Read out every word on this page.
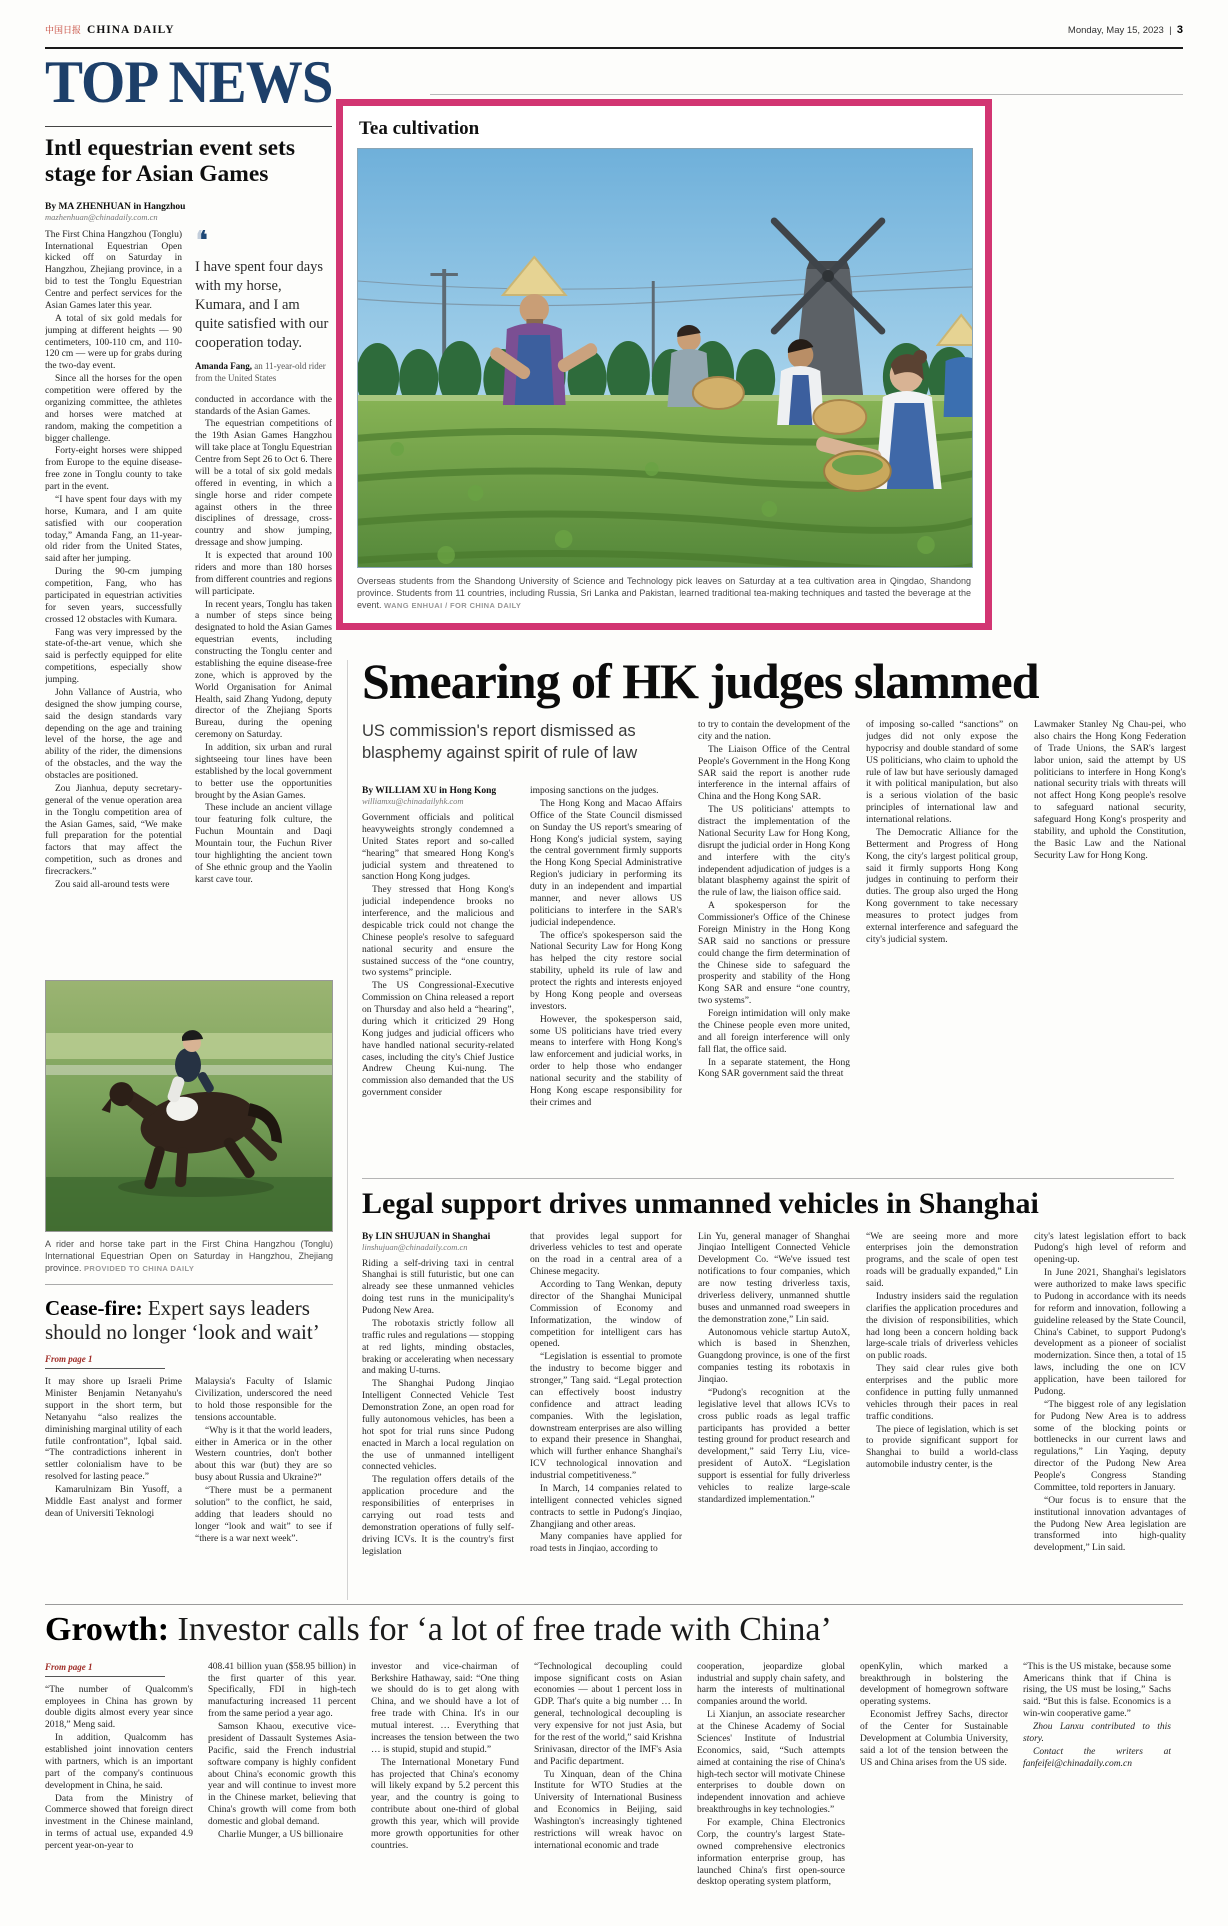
中国日报 CHINA DAILY	Monday, May 15, 2023 | 3
TOP NEWS
Intl equestrian event sets stage for Asian Games
By MA ZHENHUAN in Hangzhou
mazhenhuan@chinadaily.com.cn

The First China Hangzhou (Tonglu) International Equestrian Open kicked off on Saturday in Hangzhou, Zhejiang province, in a bid to test the Tonglu Equestrian Centre and perfect services for the Asian Games later this year.

A total of six gold medals for jumping at different heights — 90 centimeters, 100-110 cm, and 110-120 cm — were up for grabs during the two-day event.

Since all the horses for the open competition were offered by the organizing committee, the athletes and horses were matched at random, making the competition a bigger challenge.

Forty-eight horses were shipped from Europe to the equine disease-free zone in Tonglu county to take part in the event.

“I have spent four days with my horse, Kumara, and I am quite satisfied with our cooperation today,” Amanda Fang, an 11-year-old rider from the United States, said after her jumping.

During the 90-cm jumping competition, Fang, who has participated in equestrian activities for seven years, successfully crossed 12 obstacles with Kumara.

Fang was very impressed by the state-of-the-art venue, which she said is perfectly equipped for elite competitions, especially show jumping.

John Vallance of Austria, who designed the show jumping course, said the design standards vary depending on the age and training level of the horse, the age and ability of the rider, the dimensions of the obstacles, and the way the obstacles are positioned.

Zou Jianhua, deputy secretary-general of the venue operation area in the Tonglu competition area of the Asian Games, said, “We make full preparation for the potential factors that may affect the competition, such as drones and firecrackers.”

Zou said all-around tests were

❛❛
I have spent four days with my horse, Kumara, and I am quite satisfied with our cooperation today.
Amanda Fang, an 11-year-old rider from the United States

conducted in accordance with the standards of the Asian Games.

The equestrian competitions of the 19th Asian Games Hangzhou will take place at Tonglu Equestrian Centre from Sept 26 to Oct 6. There will be a total of six gold medals offered in eventing, in which a single horse and rider compete against others in the three disciplines of dressage, cross-country and show jumping, dressage and show jumping.

It is expected that around 100 riders and more than 180 horses from different countries and regions will participate.

In recent years, Tonglu has taken a number of steps since being designated to hold the Asian Games equestrian events, including constructing the Tonglu center and establishing the equine disease-free zone, which is approved by the World Organisation for Animal Health, said Zhang Yudong, deputy director of the Zhejiang Sports Bureau, during the opening ceremony on Saturday.

In addition, six urban and rural sightseeing tour lines have been established by the local government to better use the opportunities brought by the Asian Games.

These include an ancient village tour featuring folk culture, the Fuchun Mountain and Daqi Mountain tour, the Fuchun River tour highlighting the ancient town of She ethnic group and the Yaolin karst cave tour.

A rider and horse take part in the First China Hangzhou (Tonglu) International Equestrian Open on Saturday in Hangzhou, Zhejiang province. PROVIDED TO CHINA DAILY
Cease-fire: Expert says leaders should no longer ‘look and wait’
From page 1

It may shore up Israeli Prime Minister Benjamin Netanyahu's support in the short term, but Netanyahu “also realizes the diminishing marginal utility of each futile confrontation”, Iqbal said. “The contradictions inherent in settler colonialism have to be resolved for lasting peace.”

Kamarulnizam Bin Yusoff, a Middle East analyst and former dean of Universiti Teknologi

Malaysia's Faculty of Islamic Civilization, underscored the need to hold those responsible for the tensions accountable.

“Why is it that the world leaders, either in America or in the other Western countries, don't bother about this war (but) they are so busy about Russia and Ukraine?”

“There must be a permanent solution” to the conflict, he said, adding that leaders should no longer “look and wait” to see if “there is a war next week”.

Tea cultivation
Overseas students from the Shandong University of Science and Technology pick leaves on Saturday at a tea cultivation area in Qingdao, Shandong province. Students from 11 countries, including Russia, Sri Lanka and Pakistan, learned traditional tea-making techniques and tasted the beverage at the event. WANG ENHUAI / FOR CHINA DAILY
Smearing of HK judges slammed
US commission's report dismissed as blasphemy against spirit of rule of law
By WILLIAM XU in Hong Kong
williamxu@chinadailyhk.com

Government officials and political heavyweights strongly condemned a United States report and so-called “hearing” that smeared Hong Kong's judicial system and threatened to sanction Hong Kong judges.

They stressed that Hong Kong's judicial independence brooks no interference, and the malicious and despicable trick could not change the Chinese people's resolve to safeguard national security and ensure the sustained success of the “one country, two systems” principle.

The US Congressional-Executive Commission on China released a report on Thursday and also held a “hearing”, during which it criticized 29 Hong Kong judges and judicial officers who have handled national security-related cases, including the city's Chief Justice Andrew Cheung Kui-nung. The commission also demanded that the US government consider

imposing sanctions on the judges.

The Hong Kong and Macao Affairs Office of the State Council dismissed on Sunday the US report's smearing of Hong Kong's judicial system, saying the central government firmly supports the Hong Kong Special Administrative Region's judiciary in performing its duty in an independent and impartial manner, and never allows US politicians to interfere in the SAR's judicial independence.

The office's spokesperson said the National Security Law for Hong Kong has helped the city restore social stability, upheld its rule of law and protect the rights and interests enjoyed by Hong Kong people and overseas investors.

However, the spokesperson said, some US politicians have tried every means to interfere with Hong Kong's law enforcement and judicial works, in order to help those who endanger national security and the stability of Hong Kong escape responsibility for their crimes and

to try to contain the development of the city and the nation.

The Liaison Office of the Central People's Government in the Hong Kong SAR said the report is another rude interference in the internal affairs of China and the Hong Kong SAR.

The US politicians' attempts to distract the implementation of the National Security Law for Hong Kong, disrupt the judicial order in Hong Kong and interfere with the city's independent adjudication of judges is a blatant blasphemy against the spirit of the rule of law, the liaison office said.

A spokesperson for the Commissioner's Office of the Chinese Foreign Ministry in the Hong Kong SAR said no sanctions or pressure could change the firm determination of the Chinese side to safeguard the prosperity and stability of the Hong Kong SAR and ensure “one country, two systems”.

Foreign intimidation will only make the Chinese people even more united, and all foreign interference will only fall flat, the office said.

In a separate statement, the Hong Kong SAR government said the threat

of imposing so-called “sanctions” on judges did not only expose the hypocrisy and double standard of some US politicians, who claim to uphold the rule of law but have seriously damaged it with political manipulation, but also is a serious violation of the basic principles of international law and international relations.

The Democratic Alliance for the Betterment and Progress of Hong Kong, the city's largest political group, said it firmly supports Hong Kong judges in continuing to perform their duties. The group also urged the Hong Kong government to take necessary measures to protect judges from external interference and safeguard the city's judicial system.

Lawmaker Stanley Ng Chau-pei, who also chairs the Hong Kong Federation of Trade Unions, the SAR's largest labor union, said the attempt by US politicians to interfere in Hong Kong's national security trials with threats will not affect Hong Kong people's resolve to safeguard national security, safeguard Hong Kong's prosperity and stability, and uphold the Constitution, the Basic Law and the National Security Law for Hong Kong.

Legal support drives unmanned vehicles in Shanghai
By LIN SHUJUAN in Shanghai
linshujuan@chinadaily.com.cn

Riding a self-driving taxi in central Shanghai is still futuristic, but one can already see these unmanned vehicles doing test runs in the municipality's Pudong New Area.

The robotaxis strictly follow all traffic rules and regulations — stopping at red lights, minding obstacles, braking or accelerating when necessary and making U-turns.

The Shanghai Pudong Jinqiao Intelligent Connected Vehicle Test Demonstration Zone, an open road for fully autonomous vehicles, has been a hot spot for trial runs since Pudong enacted in March a local regulation on the use of unmanned intelligent connected vehicles.

The regulation offers details of the application procedure and the responsibilities of enterprises in carrying out road tests and demonstration operations of fully self-driving ICVs. It is the country's first legislation

that provides legal support for driverless vehicles to test and operate on the road in a central area of a Chinese megacity.

According to Tang Wenkan, deputy director of the Shanghai Municipal Commission of Economy and Informatization, the window of competition for intelligent cars has opened.

“Legislation is essential to promote the industry to become bigger and stronger,” Tang said. “Legal protection can effectively boost industry confidence and attract leading companies. With the legislation, downstream enterprises are also willing to expand their presence in Shanghai, which will further enhance Shanghai's ICV technological innovation and industrial competitiveness.”

In March, 14 companies related to intelligent connected vehicles signed contracts to settle in Pudong's Jinqiao, Zhangjiang and other areas.

Many companies have applied for road tests in Jinqiao, according to

Lin Yu, general manager of Shanghai Jinqiao Intelligent Connected Vehicle Development Co. “We've issued test notifications to four companies, which are now testing driverless taxis, driverless delivery, unmanned shuttle buses and unmanned road sweepers in the demonstration zone,” Lin said.

Autonomous vehicle startup AutoX, which is based in Shenzhen, Guangdong province, is one of the first companies testing its robotaxis in Jinqiao.

“Pudong's recognition at the legislative level that allows ICVs to cross public roads as legal traffic participants has provided a better testing ground for product research and development,” said Terry Liu, vice-president of AutoX. “Legislation support is essential for fully driverless vehicles to realize large-scale standardized implementation.”

“We are seeing more and more enterprises join the demonstration programs, and the scale of open test roads will be gradually expanded,” Lin said.

Industry insiders said the regulation clarifies the application procedures and the division of responsibilities, which had long been a concern holding back large-scale trials of driverless vehicles on public roads.

They said clear rules give both enterprises and the public more confidence in putting fully unmanned vehicles through their paces in real traffic conditions.

The piece of legislation, which is set to provide significant support for Shanghai to build a world-class automobile industry center, is the

city's latest legislation effort to back Pudong's high level of reform and opening-up.

In June 2021, Shanghai's legislators were authorized to make laws specific to Pudong in accordance with its needs for reform and innovation, following a guideline released by the State Council, China's Cabinet, to support Pudong's development as a pioneer of socialist modernization. Since then, a total of 15 laws, including the one on ICV application, have been tailored for Pudong.

“The biggest role of any legislation for Pudong New Area is to address some of the blocking points or bottlenecks in our current laws and regulations,” Lin Yaqing, deputy director of the Pudong New Area People's Congress Standing Committee, told reporters in January.

“Our focus is to ensure that the institutional innovation advantages of the Pudong New Area legislation are transformed into high-quality development,” Lin said.

Growth: Investor calls for ‘a lot of free trade with China’
From page 1

“The number of Qualcomm's employees in China has grown by double digits almost every year since 2018,” Meng said.

In addition, Qualcomm has established joint innovation centers with partners, which is an important part of the company's continuous development in China, he said.

Data from the Ministry of Commerce showed that foreign direct investment in the Chinese mainland, in terms of actual use, expanded 4.9 percent year-on-year to

408.41 billion yuan ($58.95 billion) in the first quarter of this year. Specifically, FDI in high-tech manufacturing increased 11 percent from the same period a year ago.

Samson Khaou, executive vice-president of Dassault Systemes Asia-Pacific, said the French industrial software company is highly confident about China's economic growth this year and will continue to invest more in the Chinese market, believing that China's growth will come from both domestic and global demand.

Charlie Munger, a US billionaire

investor and vice-chairman of Berkshire Hathaway, said: “One thing we should do is to get along with China, and we should have a lot of free trade with China. It's in our mutual interest. … Everything that increases the tension between the two … is stupid, stupid and stupid.”

The International Monetary Fund has projected that China's economy will likely expand by 5.2 percent this year, and the country is going to contribute about one-third of global growth this year, which will provide more growth opportunities for other countries.

“Technological decoupling could impose significant costs on Asian economies — about 1 percent loss in GDP. That's quite a big number … In general, technological decoupling is very expensive for not just Asia, but for the rest of the world,” said Krishna Srinivasan, director of the IMF's Asia and Pacific department.

Tu Xinquan, dean of the China Institute for WTO Studies at the University of International Business and Economics in Beijing, said Washington's increasingly tightened restrictions will wreak havoc on international economic and trade

cooperation, jeopardize global industrial and supply chain safety, and harm the interests of multinational companies around the world.

Li Xianjun, an associate researcher at the Chinese Academy of Social Sciences' Institute of Industrial Economics, said, “Such attempts aimed at containing the rise of China's high-tech sector will motivate Chinese enterprises to double down on independent innovation and achieve breakthroughs in key technologies.”

For example, China Electronics Corp, the country's largest State-owned comprehensive electronics information enterprise group, has launched China's first open-source desktop operating system platform,

openKylin, which marked a breakthrough in bolstering the development of homegrown software operating systems.

Economist Jeffrey Sachs, director of the Center for Sustainable Development at Columbia University, said a lot of the tension between the US and China arises from the US side.

“This is the US mistake, because some Americans think that if China is rising, the US must be losing,” Sachs said. “But this is false. Economics is a win-win cooperative game.”

Zhou Lanxu contributed to this story.

Contact the writers at fanfeifei@chinadaily.com.cn
